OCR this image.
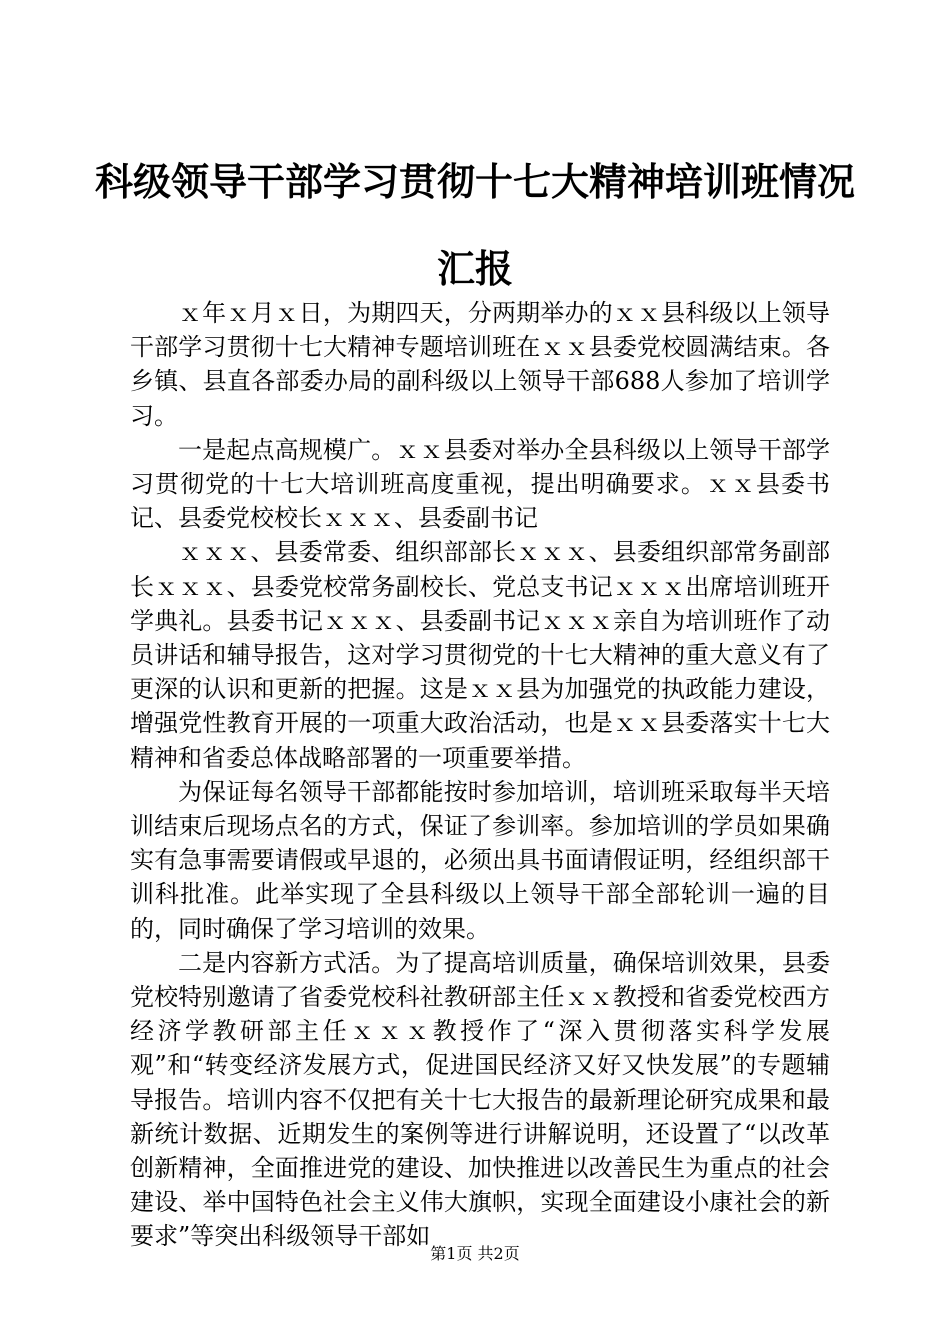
科级领导干部学习贯彻十七大精神培训班情况
汇报

ｘ年ｘ月ｘ日，为期四天，分两期举办的ｘｘ县科级以上领导干部学习贯彻十七大精神专题培训班在ｘｘ县委党校圆满结束。各乡镇、县直各部委办局的副科级以上领导干部688人参加了培训学习。

一是起点高规模广。ｘｘ县委对举办全县科级以上领导干部学习贯彻党的十七大培训班高度重视，提出明确要求。ｘｘ县委书记、县委党校校长ｘｘｘ、县委副书记

ｘｘｘ、县委常委、组织部部长ｘｘｘ、县委组织部常务副部长ｘｘｘ、县委党校常务副校长、党总支书记ｘｘｘ出席培训班开学典礼。县委书记ｘｘｘ、县委副书记ｘｘｘ亲自为培训班作了动员讲话和辅导报告，这对学习贯彻党的十七大精神的重大意义有了更深的认识和更新的把握。这是ｘｘ县为加强党的执政能力建设，增强党性教育开展的一项重大政治活动，也是ｘｘ县委落实十七大精神和省委总体战略部署的一项重要举措。

为保证每名领导干部都能按时参加培训，培训班采取每半天培训结束后现场点名的方式，保证了参训率。参加培训的学员如果确实有急事需要请假或早退的，必须出具书面请假证明，经组织部干训科批准。此举实现了全县科级以上领导干部全部轮训一遍的目的，同时确保了学习培训的效果。

二是内容新方式活。为了提高培训质量，确保培训效果，县委党校特别邀请了省委党校科社教研部主任ｘｘ教授和省委党校西方经济学教研部主任ｘｘｘ教授作了“深入贯彻落实科学发展观”和“转变经济发展方式，促进国民经济又好又快发展”的专题辅导报告。培训内容不仅把有关十七大报告的最新理论研究成果和最新统计数据、近期发生的案例等进行讲解说明，还设置了“以改革创新精神，全面推进党的建设、加快推进以改善民生为重点的社会建设、举中国特色社会主义伟大旗帜，实现全面建设小康社会的新要求”等突出科级领导干部如

第1页 共2页
